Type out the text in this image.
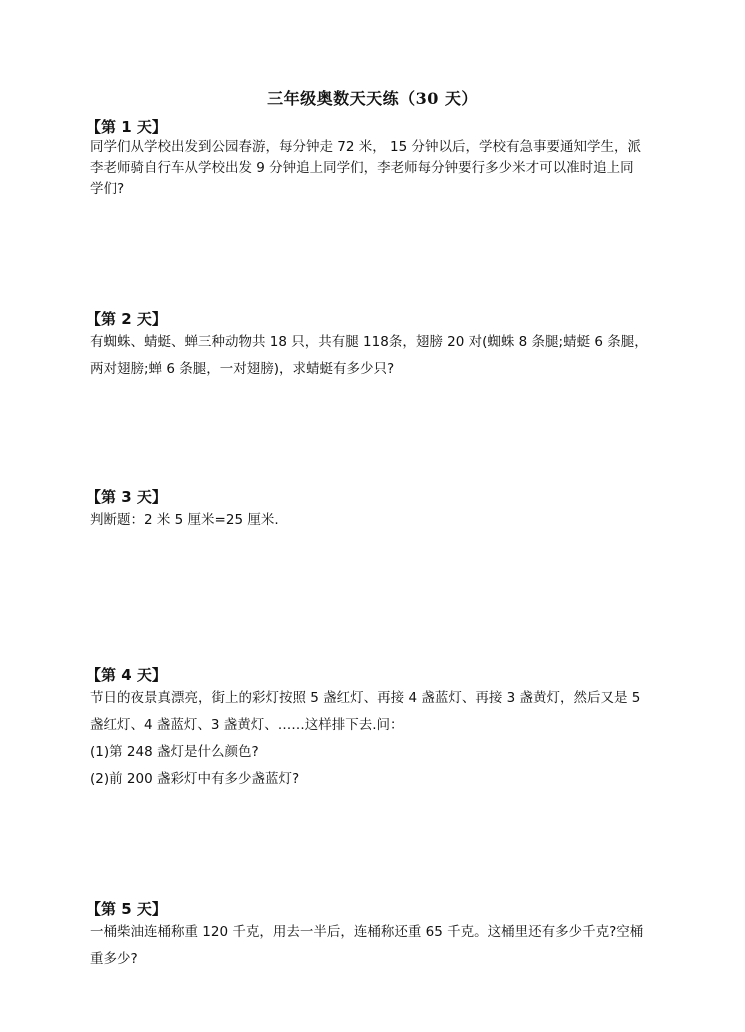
三年级奥数天天练（30 天）
【第 1 天】
同学们从学校出发到公园春游，每分钟走 72 米， 15 分钟以后，学校有急事要通知学生，派
李老师骑自行车从学校出发 9 分钟追上同学们，李老师每分钟要行多少米才可以准时追上同
学们?
【第 2 天】
有蜘蛛、蜻蜓、蝉三种动物共 18 只，共有腿 118条，翅膀 20 对(蜘蛛 8 条腿;蜻蜓 6 条腿，
两对翅膀;蝉 6 条腿，一对翅膀)，求蜻蜓有多少只?
【第 3 天】
判断题：2 米 5 厘米=25 厘米.
【第 4 天】
节日的夜景真漂亮，街上的彩灯按照 5 盏红灯、再接 4 盏蓝灯、再接 3 盏黄灯，然后又是 5
盏红灯、4 盏蓝灯、3 盏黄灯、……这样排下去.问：
(1)第 248 盏灯是什么颜色?
(2)前 200 盏彩灯中有多少盏蓝灯?
【第 5 天】
一桶柴油连桶称重 120 千克，用去一半后，连桶称还重 65 千克。这桶里还有多少千克?空桶
重多少?
